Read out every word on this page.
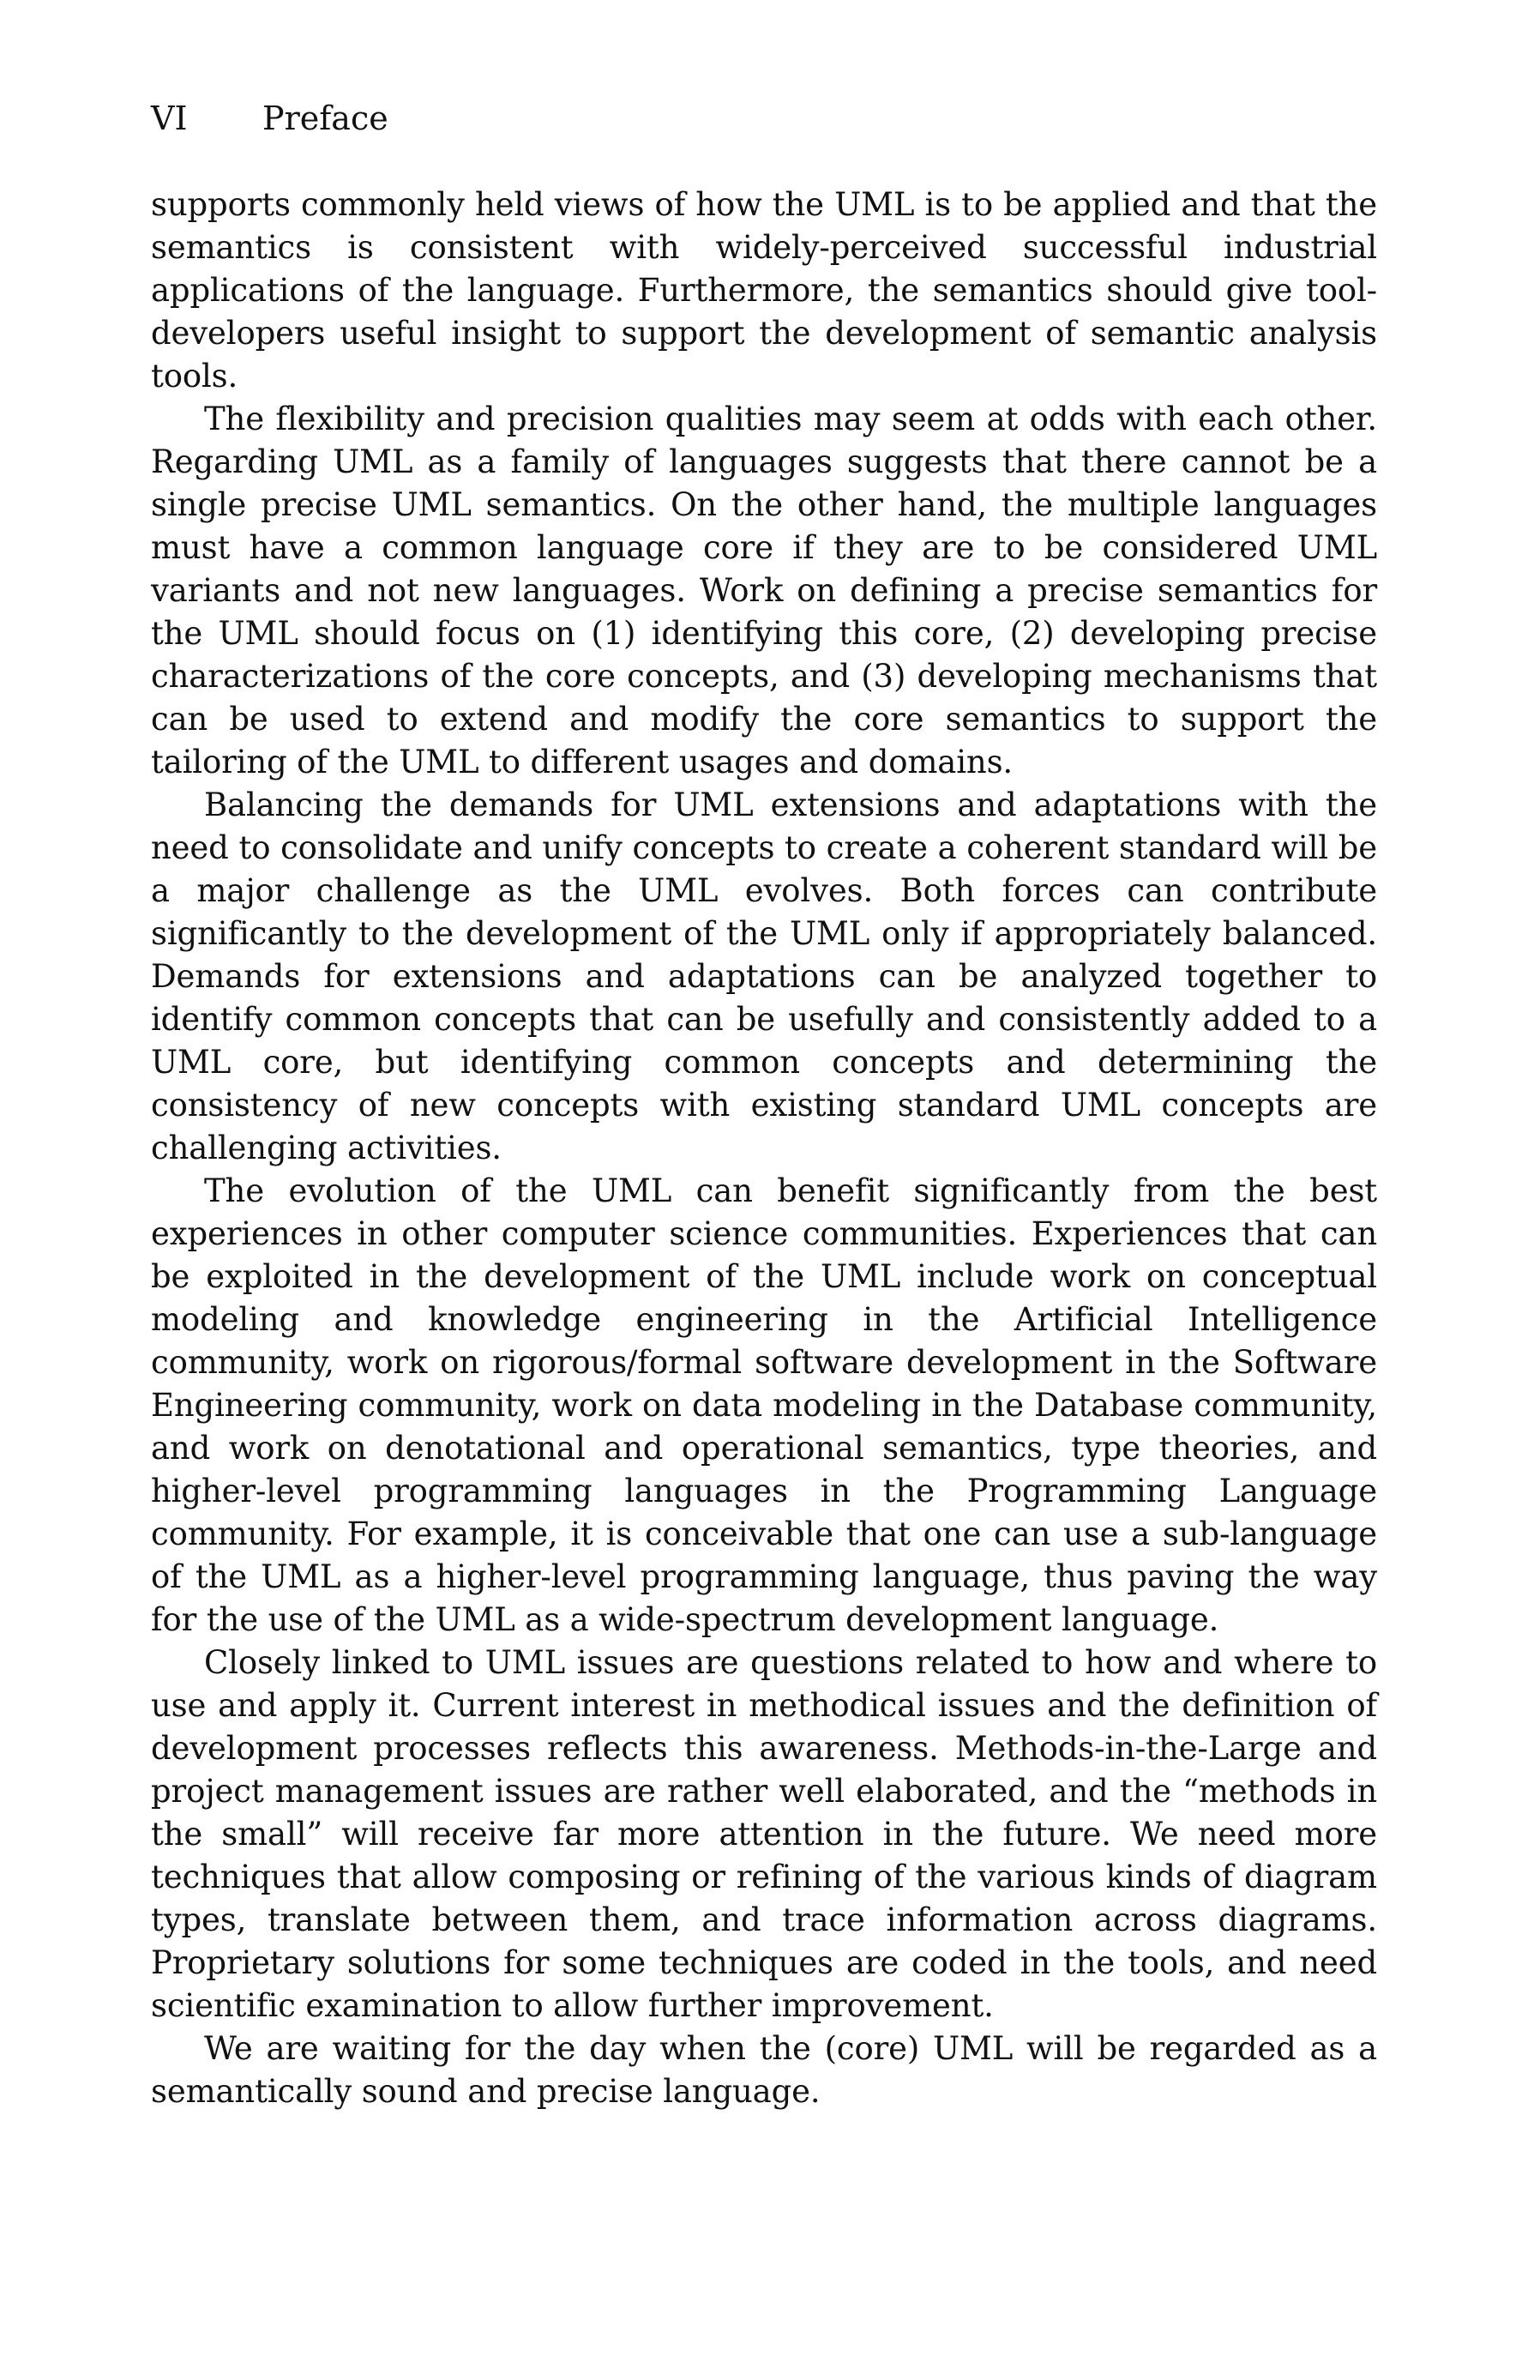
VI Preface

supports commonly held views of how the UML is to be applied and that the semantics is consistent with widely-perceived successful industrial applications of the language. Furthermore, the semantics should give tool-developers useful insight to support the development of semantic analysis tools.

The flexibility and precision qualities may seem at odds with each other. Regarding UML as a family of languages suggests that there cannot be a single precise UML semantics. On the other hand, the multiple languages must have a common language core if they are to be considered UML variants and not new languages. Work on defining a precise semantics for the UML should focus on (1) identifying this core, (2) developing precise characterizations of the core concepts, and (3) developing mechanisms that can be used to extend and modify the core semantics to support the tailoring of the UML to different usages and domains.

Balancing the demands for UML extensions and adaptations with the need to consolidate and unify concepts to create a coherent standard will be a major challenge as the UML evolves. Both forces can contribute significantly to the development of the UML only if appropriately balanced. Demands for extensions and adaptations can be analyzed together to identify common concepts that can be usefully and consistently added to a UML core, but identifying common concepts and determining the consistency of new concepts with existing standard UML concepts are challenging activities.

The evolution of the UML can benefit significantly from the best experiences in other computer science communities. Experiences that can be exploited in the development of the UML include work on conceptual modeling and knowledge engineering in the Artificial Intelligence community, work on rigorous/formal software development in the Software Engineering community, work on data modeling in the Database community, and work on denotational and operational semantics, type theories, and higher-level programming languages in the Programming Language community. For example, it is conceivable that one can use a sub-language of the UML as a higher-level programming language, thus paving the way for the use of the UML as a wide-spectrum development language.

Closely linked to UML issues are questions related to how and where to use and apply it. Current interest in methodical issues and the definition of development processes reflects this awareness. Methods-in-the-Large and project management issues are rather well elaborated, and the “methods in the small” will receive far more attention in the future. We need more techniques that allow composing or refining of the various kinds of diagram types, translate between them, and trace information across diagrams. Proprietary solutions for some techniques are coded in the tools, and need scientific examination to allow further improvement.

We are waiting for the day when the (core) UML will be regarded as a semantically sound and precise language.
